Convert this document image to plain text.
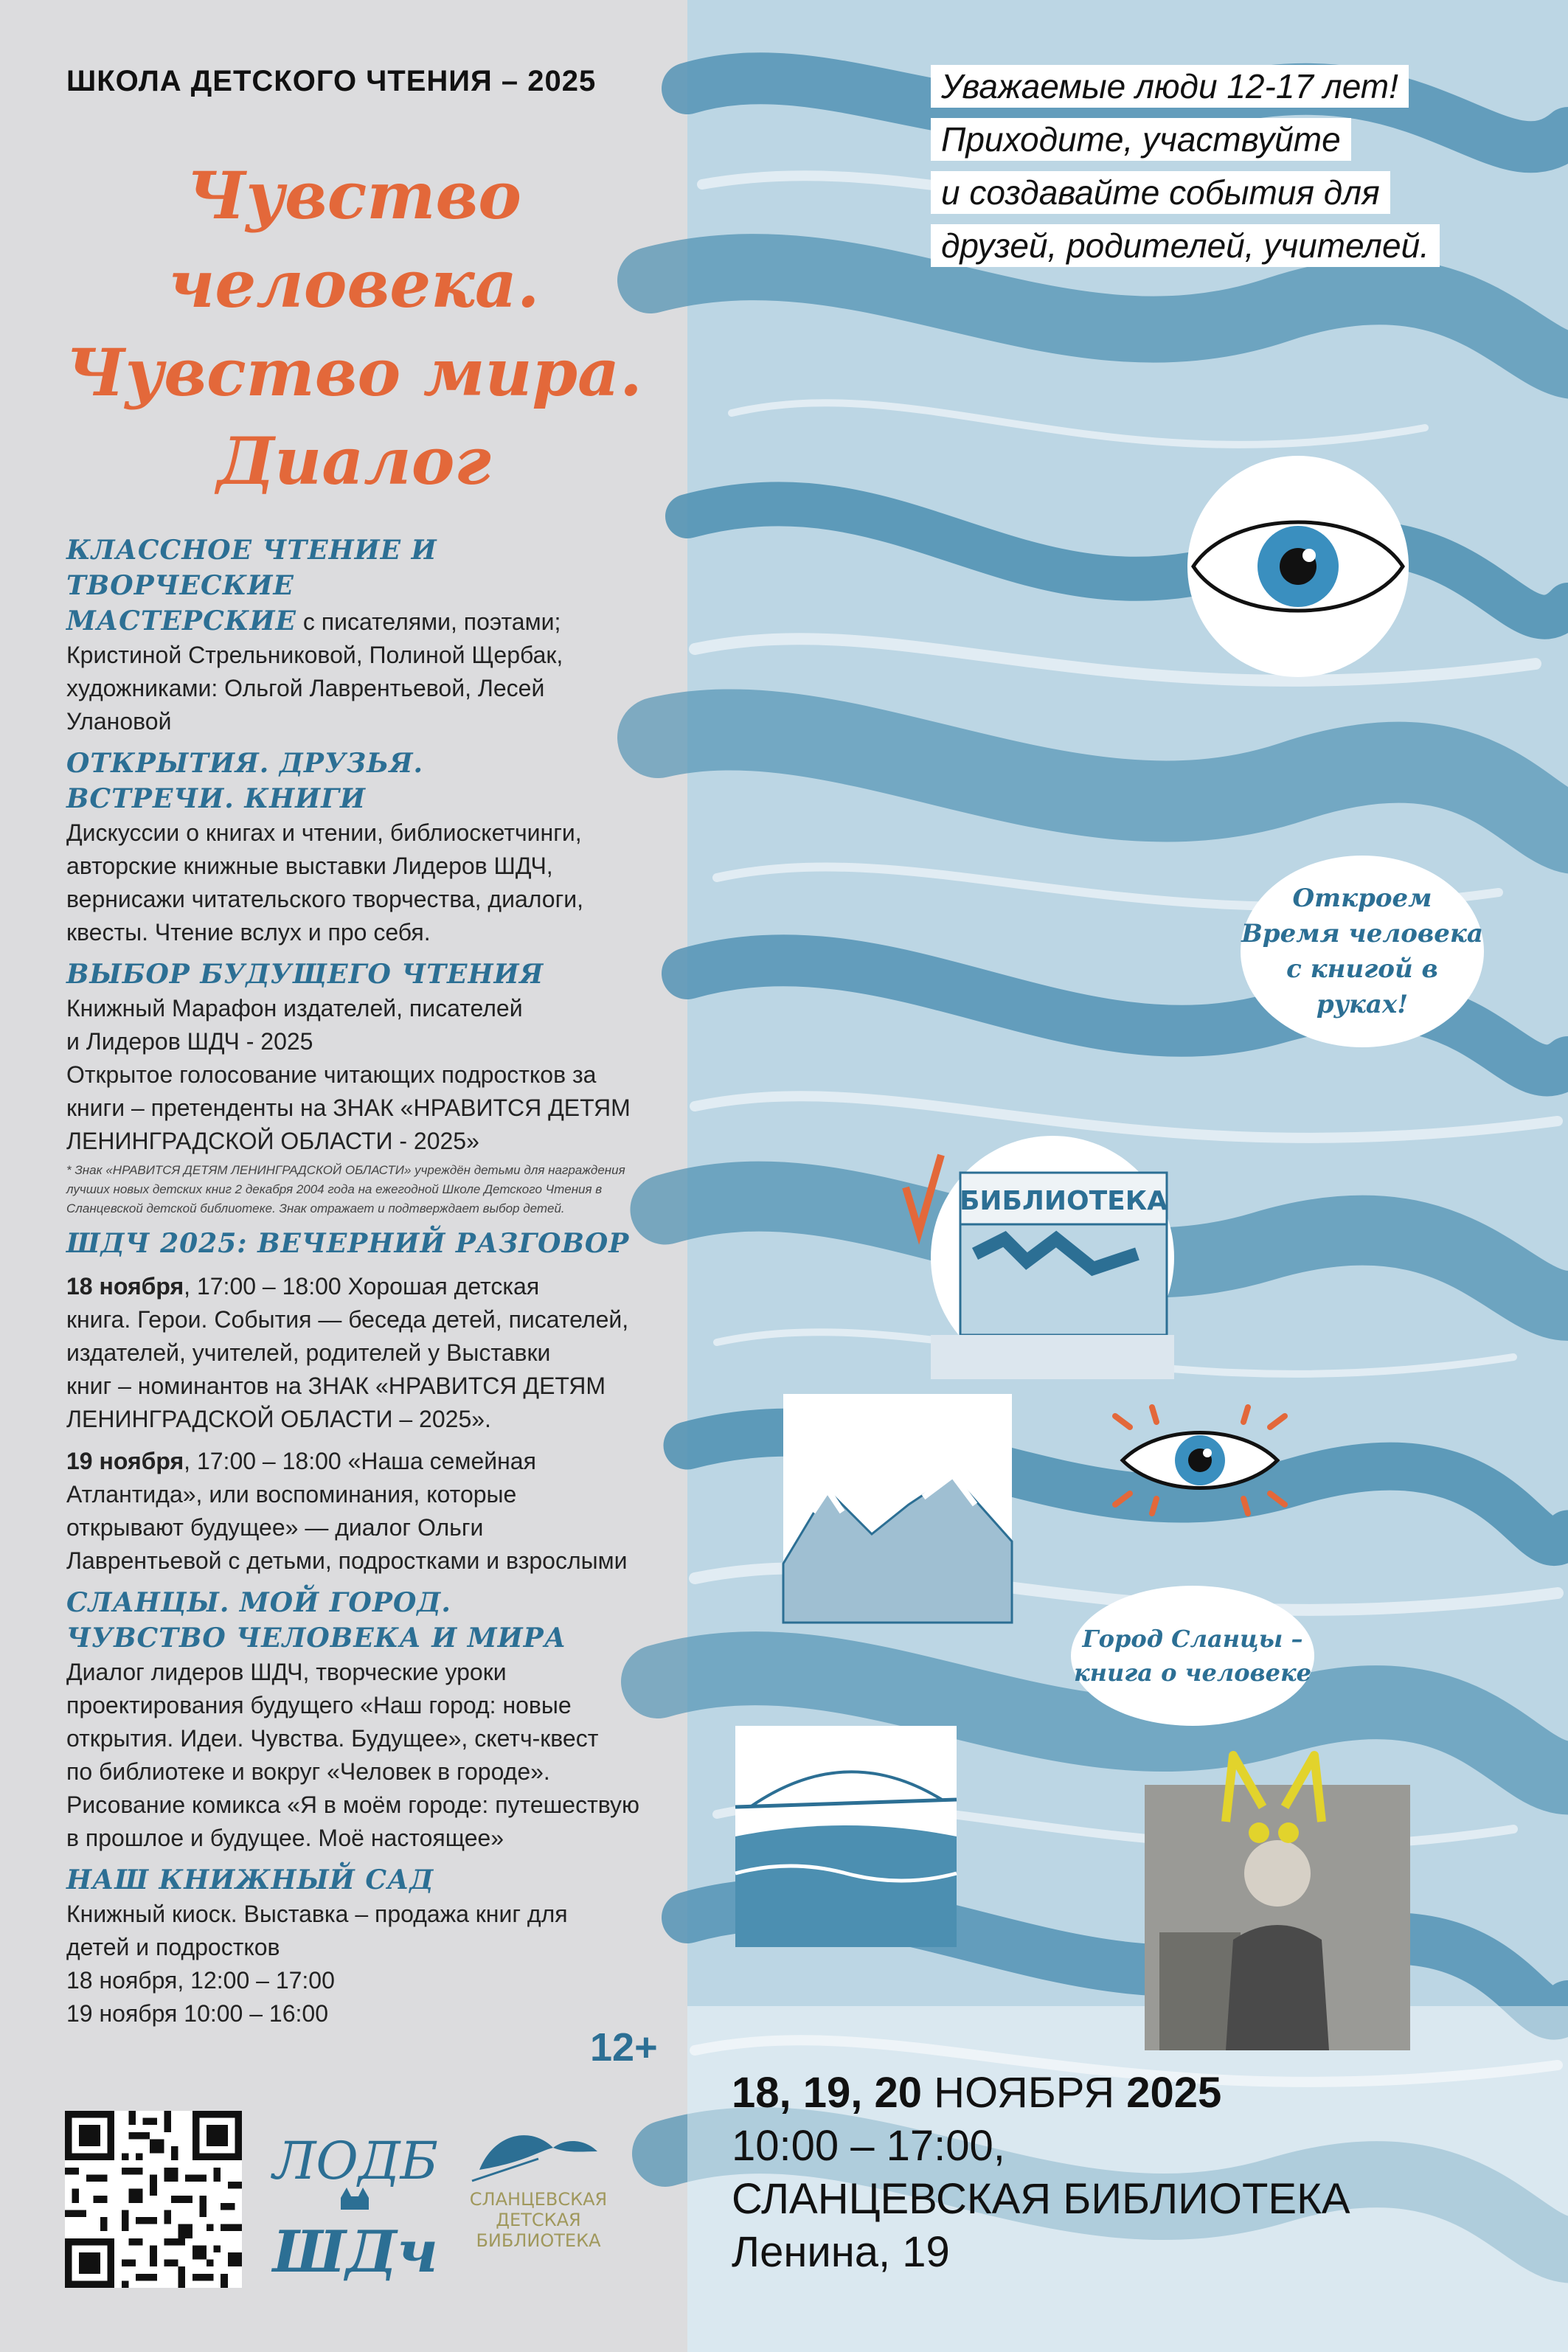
ШКОЛА ДЕТСКОГО ЧТЕНИЯ – 2025
Чувство человека.
Чувство мира.
Диалог
КЛАССНОЕ ЧТЕНИЕ И ТВОРЧЕСКИЕ
МАСТЕРСКИЕ с писателями, поэтами;
Кристиной Стрельниковой, Полиной Щербак,
художниками: Ольгой Лаврентьевой, Лесей
Улановой
ОТКРЫТИЯ. ДРУЗЬЯ.
ВСТРЕЧИ. КНИГИ
Дискуссии о книгах и чтении, библиоскетчинги,
авторские книжные выставки Лидеров ШДЧ,
вернисажи читательского творчества, диалоги,
квесты. Чтение вслух и про себя.
ВЫБОР БУДУЩЕГО ЧТЕНИЯ
Книжный Марафон издателей, писателей
и Лидеров ШДЧ - 2025
Открытое голосование читающих подростков за
книги – претенденты на ЗНАК «НРАВИТСЯ ДЕТЯМ
ЛЕНИНГРАДСКОЙ ОБЛАСТИ - 2025»
* Знак «НРАВИТСЯ ДЕТЯМ ЛЕНИНГРАДСКОЙ ОБЛАСТИ» учреждён детьми для награждения лучших новых детских книг 2 декабря 2004 года на ежегодной Школе Детского Чтения в Сланцевской детской библиотеке. Знак отражает и подтверждает выбор детей.
ШДЧ 2025: ВЕЧЕРНИЙ РАЗГОВОР
18 ноября, 17:00 – 18:00 Хорошая детская
книга. Герои. События — беседа детей, писателей,
издателей, учителей, родителей у Выставки
книг – номинантов на ЗНАК «НРАВИТСЯ ДЕТЯМ
ЛЕНИНГРАДСКОЙ ОБЛАСТИ – 2025».
19 ноября, 17:00 – 18:00 «Наша семейная
Атлантида», или воспоминания, которые
открывают будущее» — диалог Ольги
Лаврентьевой с детьми, подростками и взрослыми
СЛАНЦЫ. МОЙ ГОРОД.
ЧУВСТВО ЧЕЛОВЕКА И МИРА
Диалог лидеров ШДЧ, творческие уроки
проектирования будущего «Наш город: новые
открытия. Идеи. Чувства. Будущее», скетч-квест
по библиотеке и вокруг «Человек в городе».
Рисование комикса «Я в моём городе: путешествую
в прошлое и будущее. Моё настоящее»
НАШ КНИЖНЫЙ САД
Книжный киоск. Выставка – продажа книг для
детей и подростков
18 ноября, 12:00 – 17:00
19 ноября 10:00 – 16:00
12+
ЛОДБ
ШДч
СЛАНЦЕВСКАЯ
ДЕТСКАЯ
БИБЛИОТЕКА
Уважаемые люди 12-17 лет!
Приходите, участвуйте
и создавайте события для
друзей, родителей, учителей.
Откроем
Время человека
с книгой в руках!
БИБЛИОТЕКА
Город Сланцы –
книга о человеке
18, 19, 20 НОЯБРЯ 2025
10:00 – 17:00,
СЛАНЦЕВСКАЯ БИБЛИОТЕКА
Ленина, 19
